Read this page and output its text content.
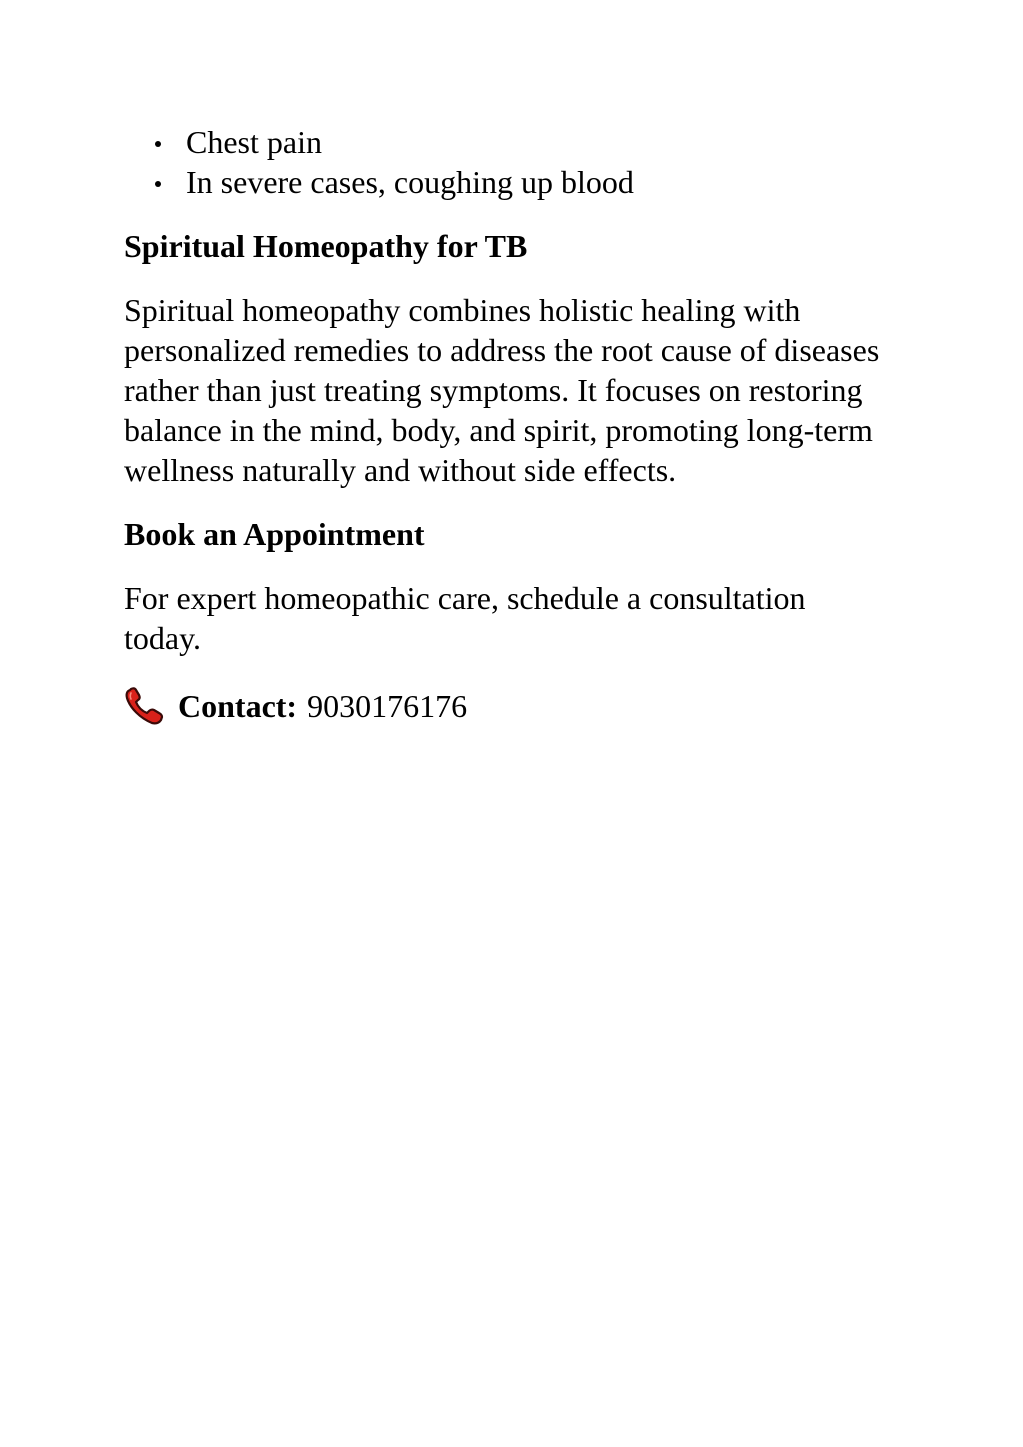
Chest pain
In severe cases, coughing up blood
Spiritual Homeopathy for TB

Spiritual homeopathy combines holistic healing with personalized remedies to address the root cause of diseases rather than just treating symptoms. It focuses on restoring balance in the mind, body, and spirit, promoting long-term wellness naturally and without side effects.

Book an Appointment

For expert homeopathic care, schedule a consultation today.

Contact: 9030176176
